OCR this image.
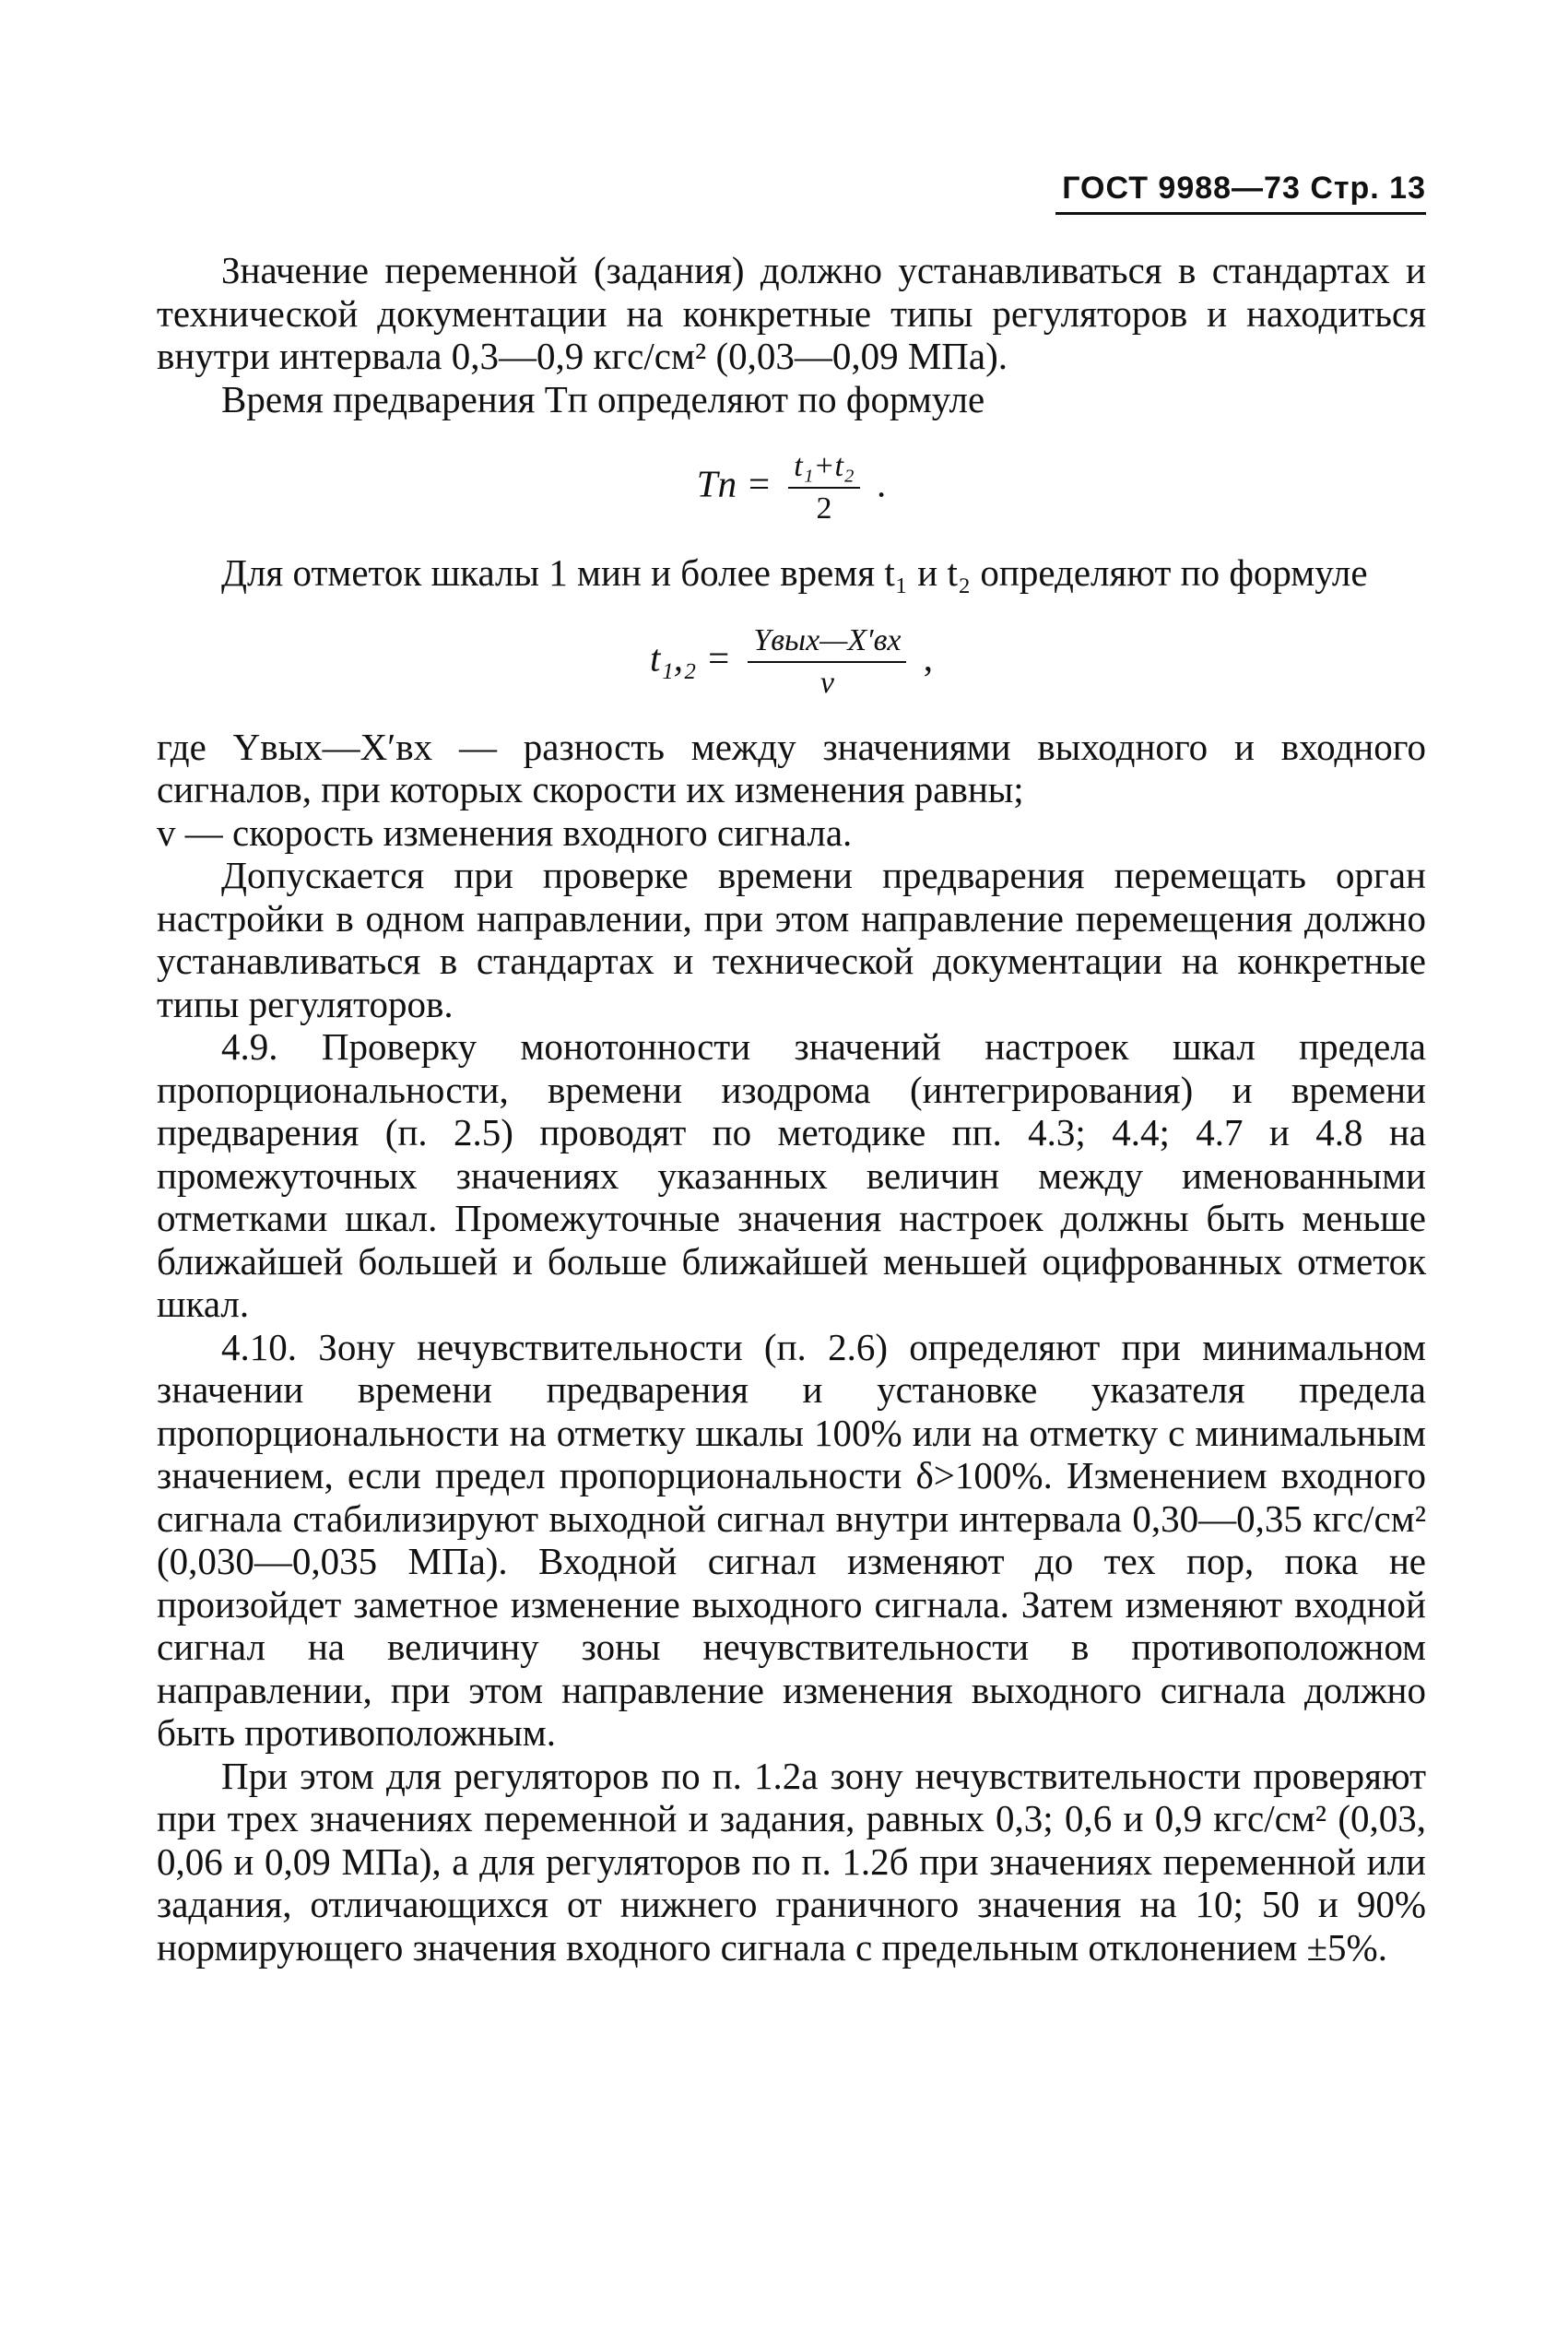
ГОСТ 9988—73 Стр. 13

Значение переменной (задания) должно устанавливаться в стандартах и технической документации на конкретные типы регуляторов и находиться внутри интервала 0,3—0,9 кгс/см² (0,03—0,09 МПа).

Время предварения Tп определяют по формуле

Tп = $\frac{\text{t₁+t₂}}{2}$ .

Для отметок шкалы 1 мин и более время t₁ и t₂ определяют по формуле

$t_1,_2 = \frac{\text{Yвых—X′вх}}{v}$ ,

где Yвых—X′вх — разность между значениями выходного и входного сигналов, при которых скорости их изменения равны;

v — скорость изменения входного сигнала.

Допускается при проверке времени предварения перемещать орган настройки в одном направлении, при этом направление перемещения должно устанавливаться в стандартах и технической документации на конкретные типы регуляторов.

4.9. Проверку монотонности значений настроек шкал предела пропорциональности, времени изодрома (интегрирования) и времени предварения (п. 2.5) проводят по методике пп. 4.3; 4.4; 4.7 и 4.8 на промежуточных значениях указанных величин между именованными отметками шкал. Промежуточные значения настроек должны быть меньше ближайшей большей и больше ближайшей меньшей оцифрованных отметок шкал.

4.10. Зону нечувствительности (п. 2.6) определяют при минимальном значении времени предварения и установке указателя предела пропорциональности на отметку шкалы 100% или на отметку с минимальным значением, если предел пропорциональности δ>100%. Изменением входного сигнала стабилизируют выходной сигнал внутри интервала 0,30—0,35 кгс/см² (0,030—0,035 МПа). Входной сигнал изменяют до тех пор, пока не произойдет заметное изменение выходного сигнала. Затем изменяют входной сигнал на величину зоны нечувствительности в противоположном направлении, при этом направление изменения выходного сигнала должно быть противоположным.

При этом для регуляторов по п. 1.2а зону нечувствительности проверяют при трех значениях переменной и задания, равных 0,3; 0,6 и 0,9 кгс/см² (0,03, 0,06 и 0,09 МПа), а для регуляторов по п. 1.2б при значениях переменной или задания, отличающихся от нижнего граничного значения на 10; 50 и 90% нормирующего значения входного сигнала с предельным отклонением ±5%.
